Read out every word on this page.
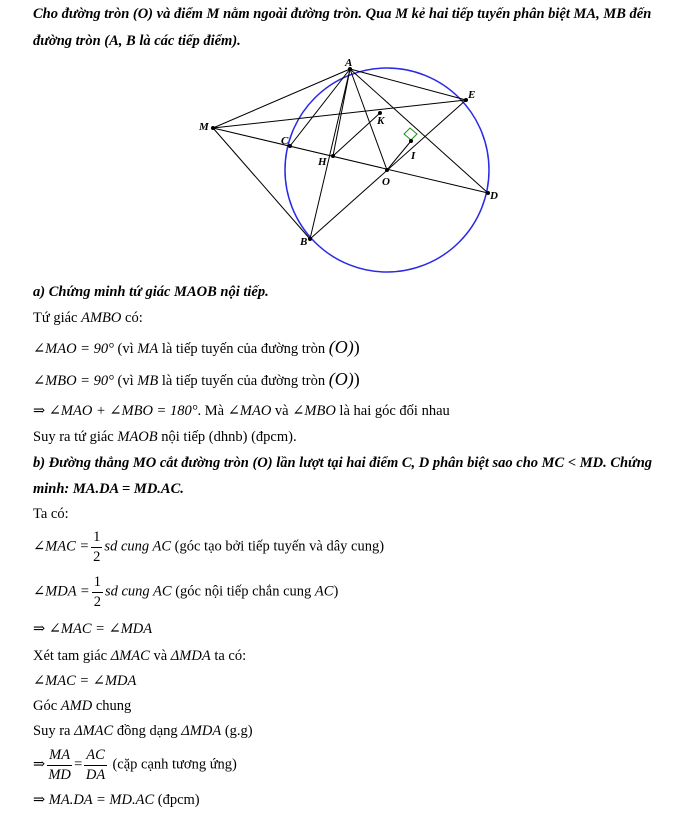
Cho đường tròn (O) và điểm M nằm ngoài đường tròn. Qua M kẻ hai tiếp tuyến phân biệt MA, MB đến
đường tròn (A, B là các tiếp điểm).
A
M
E
K
C
H	I
O
D
B
a) Chứng minh tứ giác MAOB nội tiếp.
Tứ giác AMBO có:
∠MAO = 90° (vì MA là tiếp tuyến của đường tròn (O))
∠MBO = 90° (vì MB là tiếp tuyến của đường tròn (O))
⇒ ∠MAO + ∠MBO = 180°. Mà ∠MAO và ∠MBO là hai góc đối nhau
Suy ra tứ giác MAOB nội tiếp (dhnb) (đpcm).
b) Đường thẳng MO cắt đường tròn (O) lần lượt tại hai điểm C, D phân biệt sao cho MC < MD. Chứng
minh: MA.DA = MD.AC.
Ta có:
∠MAC = $\frac{1}{2}$ sd cung AC (góc tạo bởi tiếp tuyến và dây cung)
∠MDA = $\frac{1}{2}$ sd cung AC (góc nội tiếp chắn cung AC)
⇒ ∠MAC = ∠MDA
Xét tam giác ΔMAC và ΔMDA ta có:
∠MAC = ∠MDA
Góc AMD chung
Suy ra ΔMAC đồng dạng ΔMDA (g.g)
⇒ $\frac{MA}{MD} = \frac{AC}{DA}$ (cặp cạnh tương ứng)
⇒ MA.DA = MD.AC (đpcm)
